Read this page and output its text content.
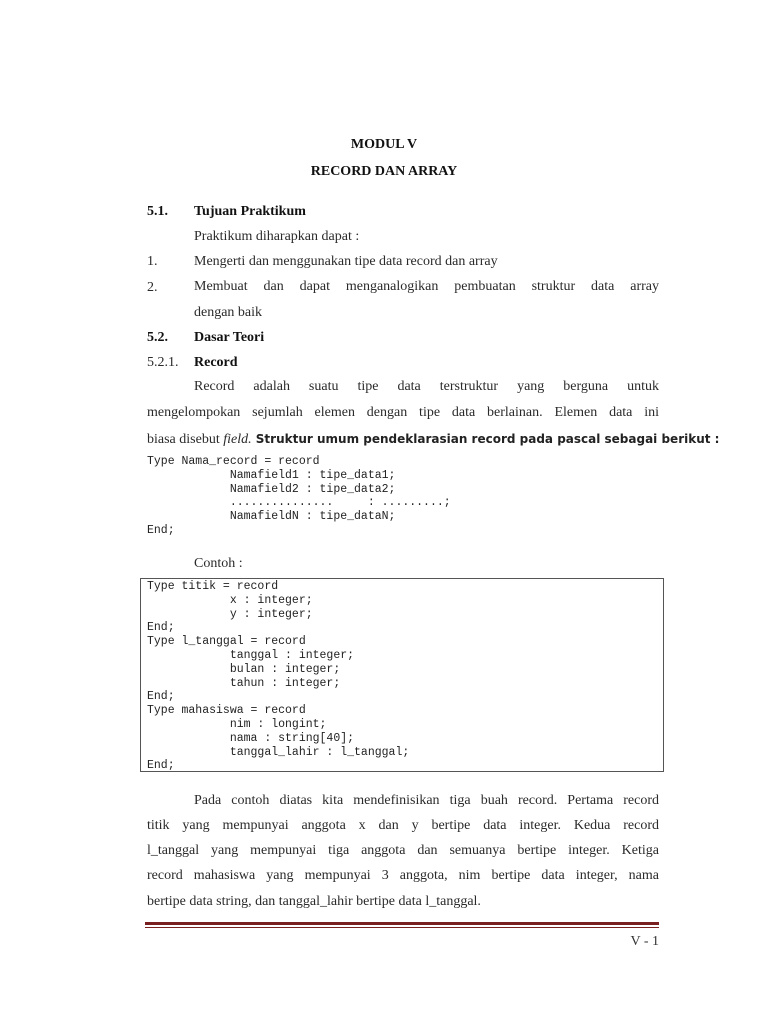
MODUL V
RECORD DAN ARRAY
5.1. Tujuan Praktikum
Praktikum diharapkan dapat :
1.	Mengerti dan menggunakan tipe data record dan array
2.	Membuat dan dapat menganalogikan pembuatan struktur data array
dengan baik
5.2. Dasar Teori
5.2.1. Record
Record adalah suatu tipe data terstruktur yang berguna untuk
mengelompokan sejumlah elemen dengan tipe data berlainan. Elemen data ini
biasa disebut field. Struktur umum pendeklarasian record pada pascal sebagai berikut :
Type Nama_record = record
Namafield1 : tipe_data1;
Namafield2 : tipe_data2;
...............     : .........;
NamafieldN : tipe_dataN;
End;
Contoh :
Type titik = record
x : integer;
y : integer;
End;
Type l_tanggal = record
tanggal : integer;
bulan : integer;
tahun : integer;
End;
Type mahasiswa = record
nim : longint;
nama : string[40];
tanggal_lahir : l_tanggal;
End;
Pada contoh diatas kita mendefinisikan tiga buah record. Pertama record
titik yang mempunyai anggota x dan y bertipe data integer. Kedua record
l_tanggal yang mempunyai tiga anggota dan semuanya bertipe integer. Ketiga
record mahasiswa yang mempunyai 3 anggota, nim bertipe data integer, nama
bertipe data string, dan tanggal_lahir bertipe data l_tanggal.
V - 1
